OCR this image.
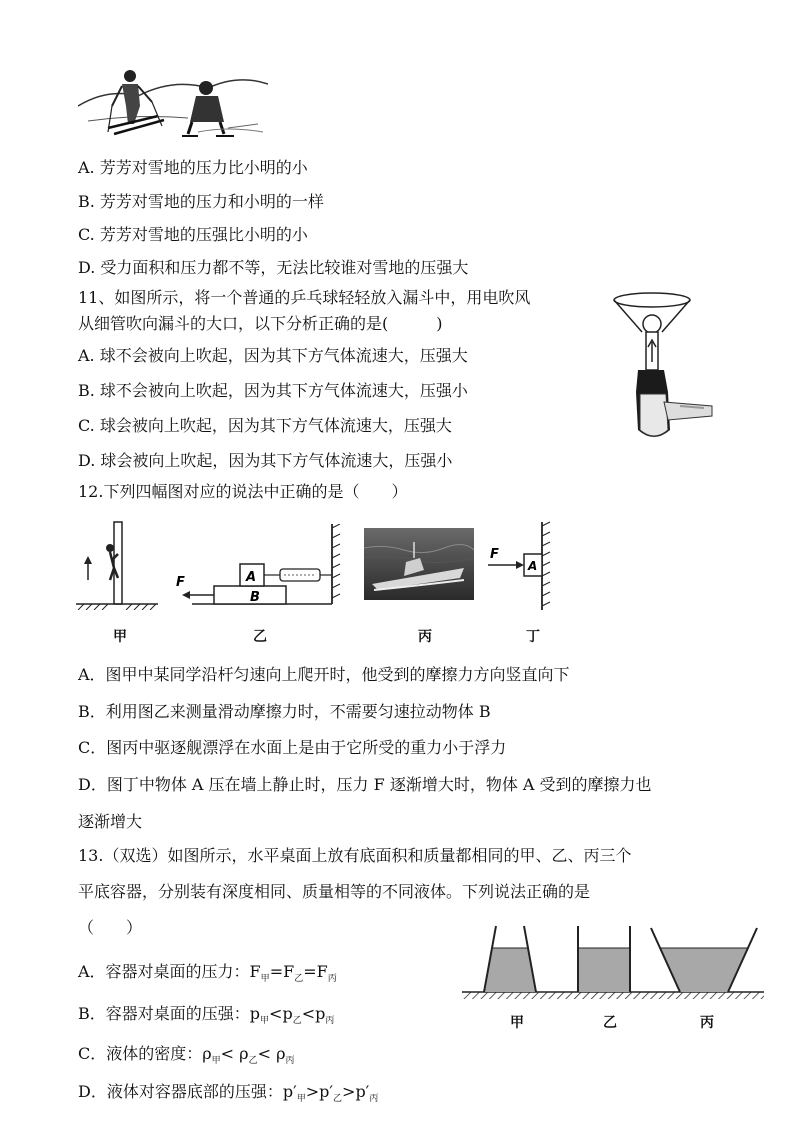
A. 芳芳对雪地的压力比小明的小
B. 芳芳对雪地的压力和小明的一样
C. 芳芳对雪地的压强比小明的小
D. 受力面积和压力都不等，无法比较谁对雪地的压强大
11、如图所示，将一个普通的乒乓球轻轻放入漏斗中，用电吹风
从细管吹向漏斗的大口，以下分析正确的是(　　　)
A. 球不会被向上吹起，因为其下方气体流速大，压强大
B. 球不会被向上吹起，因为其下方气体流速大，压强小
C. 球会被向上吹起，因为其下方气体流速大，压强大
D. 球会被向上吹起，因为其下方气体流速大，压强小
12.下列四幅图对应的说法中正确的是（　　）
甲
A
B
F
乙	丙
A
F
丁
A．图甲中某同学沿杆匀速向上爬开时，他受到的摩擦力方向竖直向下
B．利用图乙来测量滑动摩擦力时，不需要匀速拉动物体 B
C．图丙中驱逐舰漂浮在水面上是由于它所受的重力小于浮力
D．图丁中物体 A 压在墙上静止时，压力 F 逐渐增大时，物体 A 受到的摩擦力也
逐渐增大
13.（双选）如图所示，水平桌面上放有底面积和质量都相同的甲、乙、丙三个
平底容器，分别装有深度相同、质量相等的不同液体。下列说法正确的是
（　　）
甲	乙	丙
A．容器对桌面的压力：$F_甲=F_乙=F_丙$
B．容器对桌面的压强：$p_甲<p_乙<p_丙$
C．液体的密度：$\rho_甲< \rho_乙< \rho_丙$
D．液体对容器底部的压强：$p'_甲>p'_乙>p'_丙$
